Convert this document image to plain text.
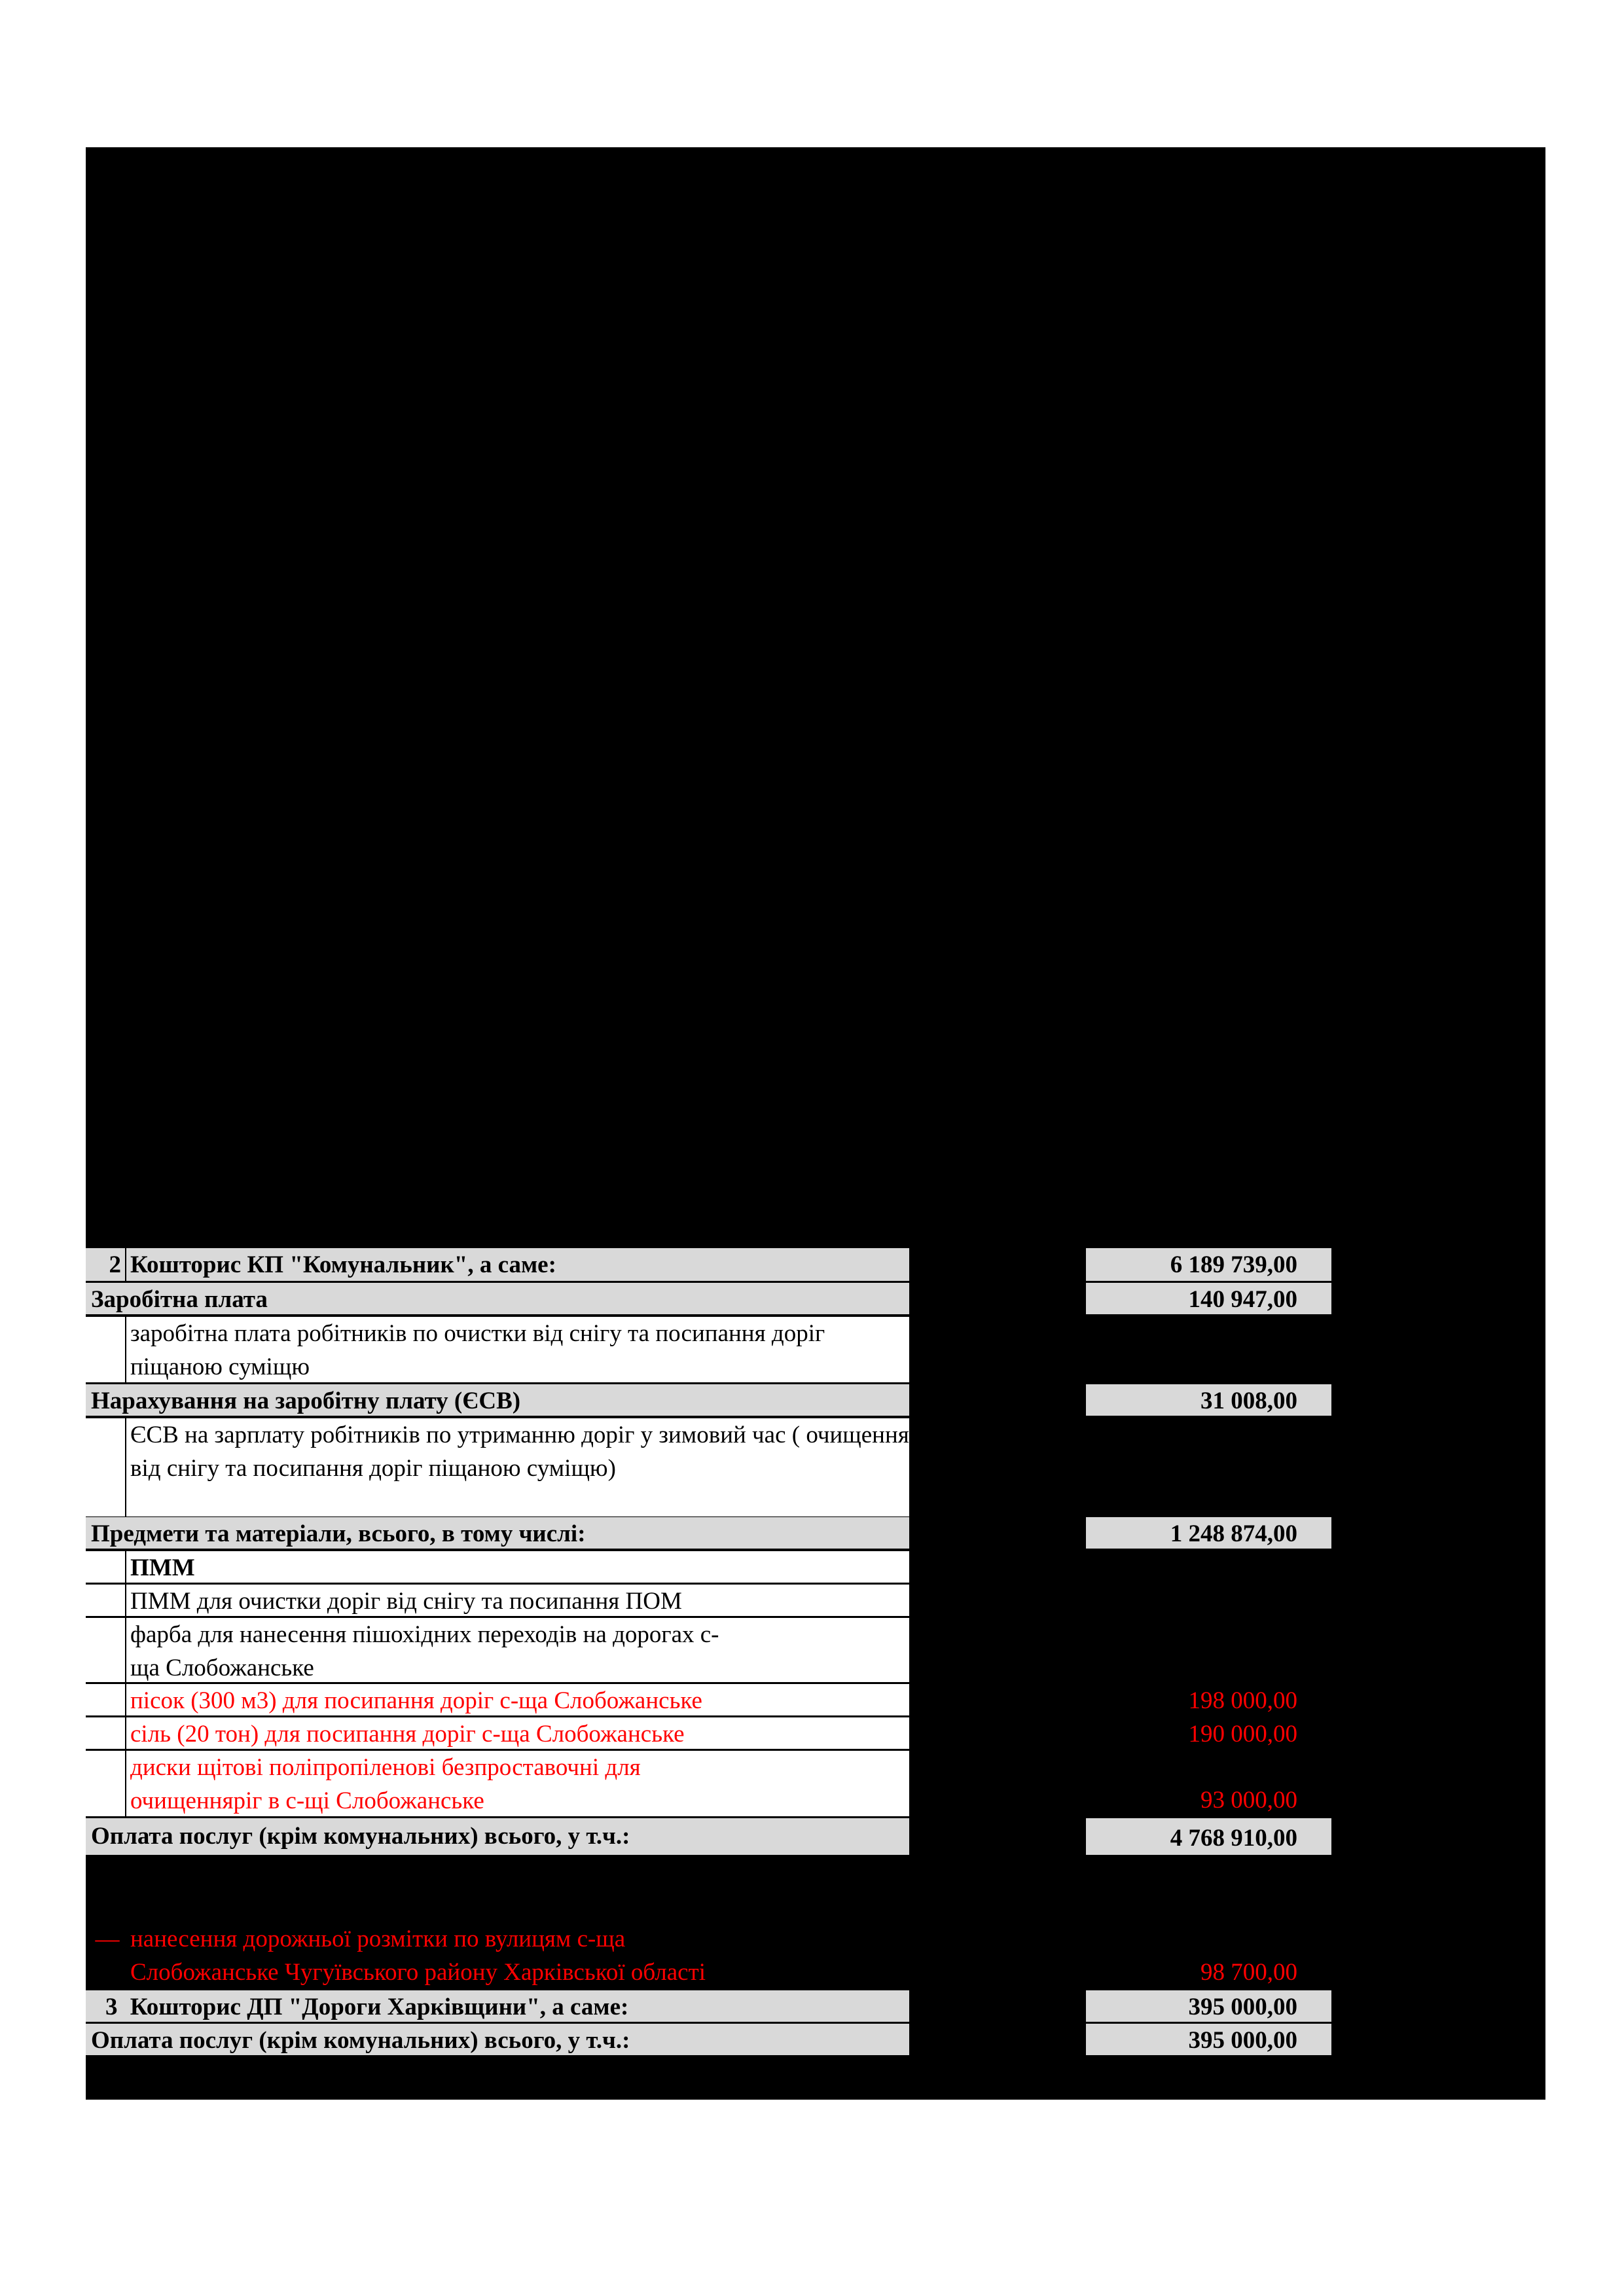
2 Кошторис КП "Комунальник", а саме:	6 189 739,00
Заробітна плата	140 947,00
заробітна плата робітників по очистки від снігу та посипання доріг піщаною суміщю
Нарахування на заробітну плату (ЄСВ)	31 008,00
ЄСВ на зарплату робітників по утриманню доріг у зимовий час ( очищення від снігу та посипання доріг піщаною суміщю)
Предмети та матеріали, всього, в тому числі:	1 248 874,00
ПММ
ПММ для очистки доріг від снігу та посипання ПОМ
фарба для нанесення пішохідних переходів на дорогах с-ща Слобожанське
пісок (300 м3) для посипання доріг с-ща Слобожанське	198 000,00
сіль (20 тон) для посипання доріг с-ща Слобожанське	190 000,00
диски щітові поліпропіленові безпроставочні для очищенняріг в с-щі Слобожанське	93 000,00
Оплата послуг (крім комунальних) всього, у т.ч.:	4 768 910,00
— нанесення дорожньої розмітки по вулицям с-ща
Слобожанське Чугуївського району Харківської області	98 700,00
3 Кошторис ДП "Дороги Харківщини", а саме:	395 000,00
Оплата послуг (крім комунальних) всього, у т.ч.:	395 000,00
